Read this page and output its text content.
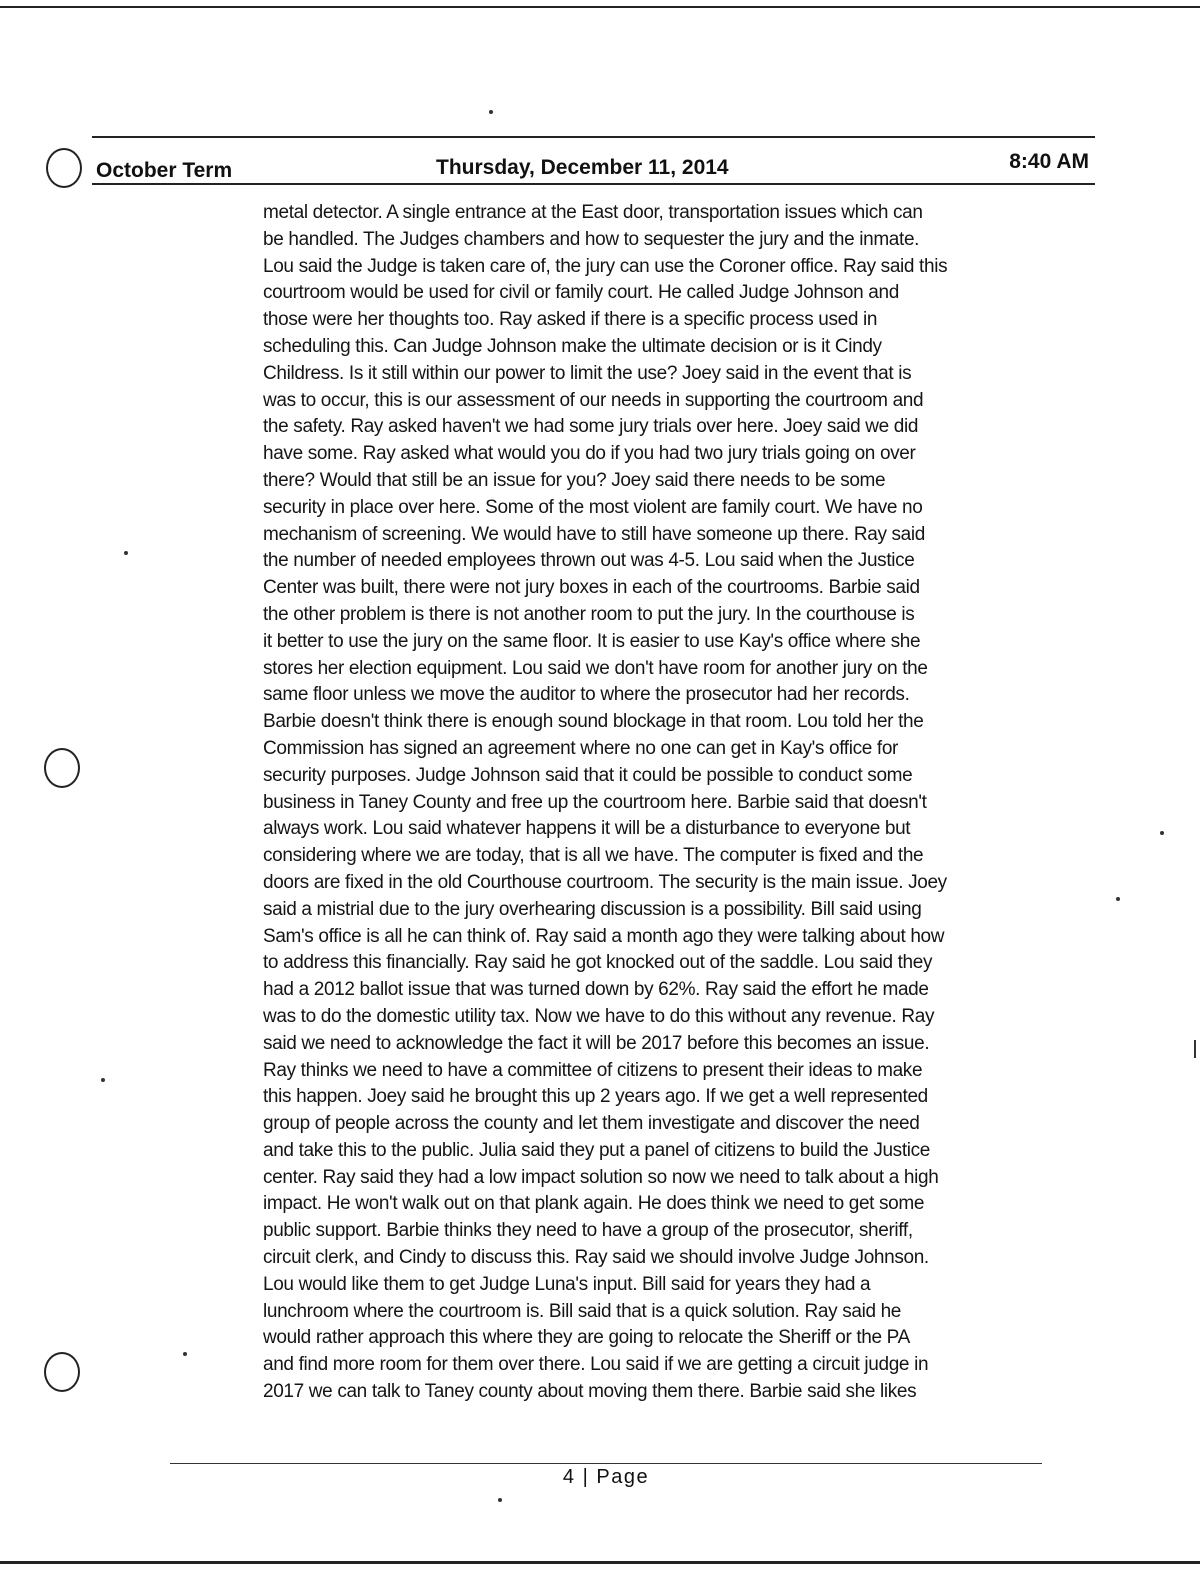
October Term	Thursday, December 11, 2014	8:40 AM
metal detector. A single entrance at the East door, transportation issues which can
be handled. The Judges chambers and how to sequester the jury and the inmate.
Lou said the Judge is taken care of, the jury can use the Coroner office. Ray said this
courtroom would be used for civil or family court. He called Judge Johnson and
those were her thoughts too. Ray asked if there is a specific process used in
scheduling this. Can Judge Johnson make the ultimate decision or is it Cindy
Childress. Is it still within our power to limit the use? Joey said in the event that is
was to occur, this is our assessment of our needs in supporting the courtroom and
the safety. Ray asked haven't we had some jury trials over here. Joey said we did
have some. Ray asked what would you do if you had two jury trials going on over
there? Would that still be an issue for you? Joey said there needs to be some
security in place over here. Some of the most violent are family court. We have no
mechanism of screening. We would have to still have someone up there. Ray said
the number of needed employees thrown out was 4-5. Lou said when the Justice
Center was built, there were not jury boxes in each of the courtrooms. Barbie said
the other problem is there is not another room to put the jury. In the courthouse is
it better to use the jury on the same floor. It is easier to use Kay's office where she
stores her election equipment. Lou said we don't have room for another jury on the
same floor unless we move the auditor to where the prosecutor had her records.
Barbie doesn't think there is enough sound blockage in that room. Lou told her the
Commission has signed an agreement where no one can get in Kay's office for
security purposes. Judge Johnson said that it could be possible to conduct some
business in Taney County and free up the courtroom here. Barbie said that doesn't
always work. Lou said whatever happens it will be a disturbance to everyone but
considering where we are today, that is all we have. The computer is fixed and the
doors are fixed in the old Courthouse courtroom. The security is the main issue. Joey
said a mistrial due to the jury overhearing discussion is a possibility. Bill said using
Sam's office is all he can think of. Ray said a month ago they were talking about how
to address this financially. Ray said he got knocked out of the saddle. Lou said they
had a 2012 ballot issue that was turned down by 62%. Ray said the effort he made
was to do the domestic utility tax. Now we have to do this without any revenue. Ray
said we need to acknowledge the fact it will be 2017 before this becomes an issue.
Ray thinks we need to have a committee of citizens to present their ideas to make
this happen. Joey said he brought this up 2 years ago. If we get a well represented
group of people across the county and let them investigate and discover the need
and take this to the public. Julia said they put a panel of citizens to build the Justice
center. Ray said they had a low impact solution so now we need to talk about a high
impact. He won't walk out on that plank again. He does think we need to get some
public support. Barbie thinks they need to have a group of the prosecutor, sheriff,
circuit clerk, and Cindy to discuss this. Ray said we should involve Judge Johnson.
Lou would like them to get Judge Luna's input. Bill said for years they had a
lunchroom where the courtroom is. Bill said that is a quick solution. Ray said he
would rather approach this where they are going to relocate the Sheriff or the PA
and find more room for them over there. Lou said if we are getting a circuit judge in
2017 we can talk to Taney county about moving them there. Barbie said she likes
4 | Page
